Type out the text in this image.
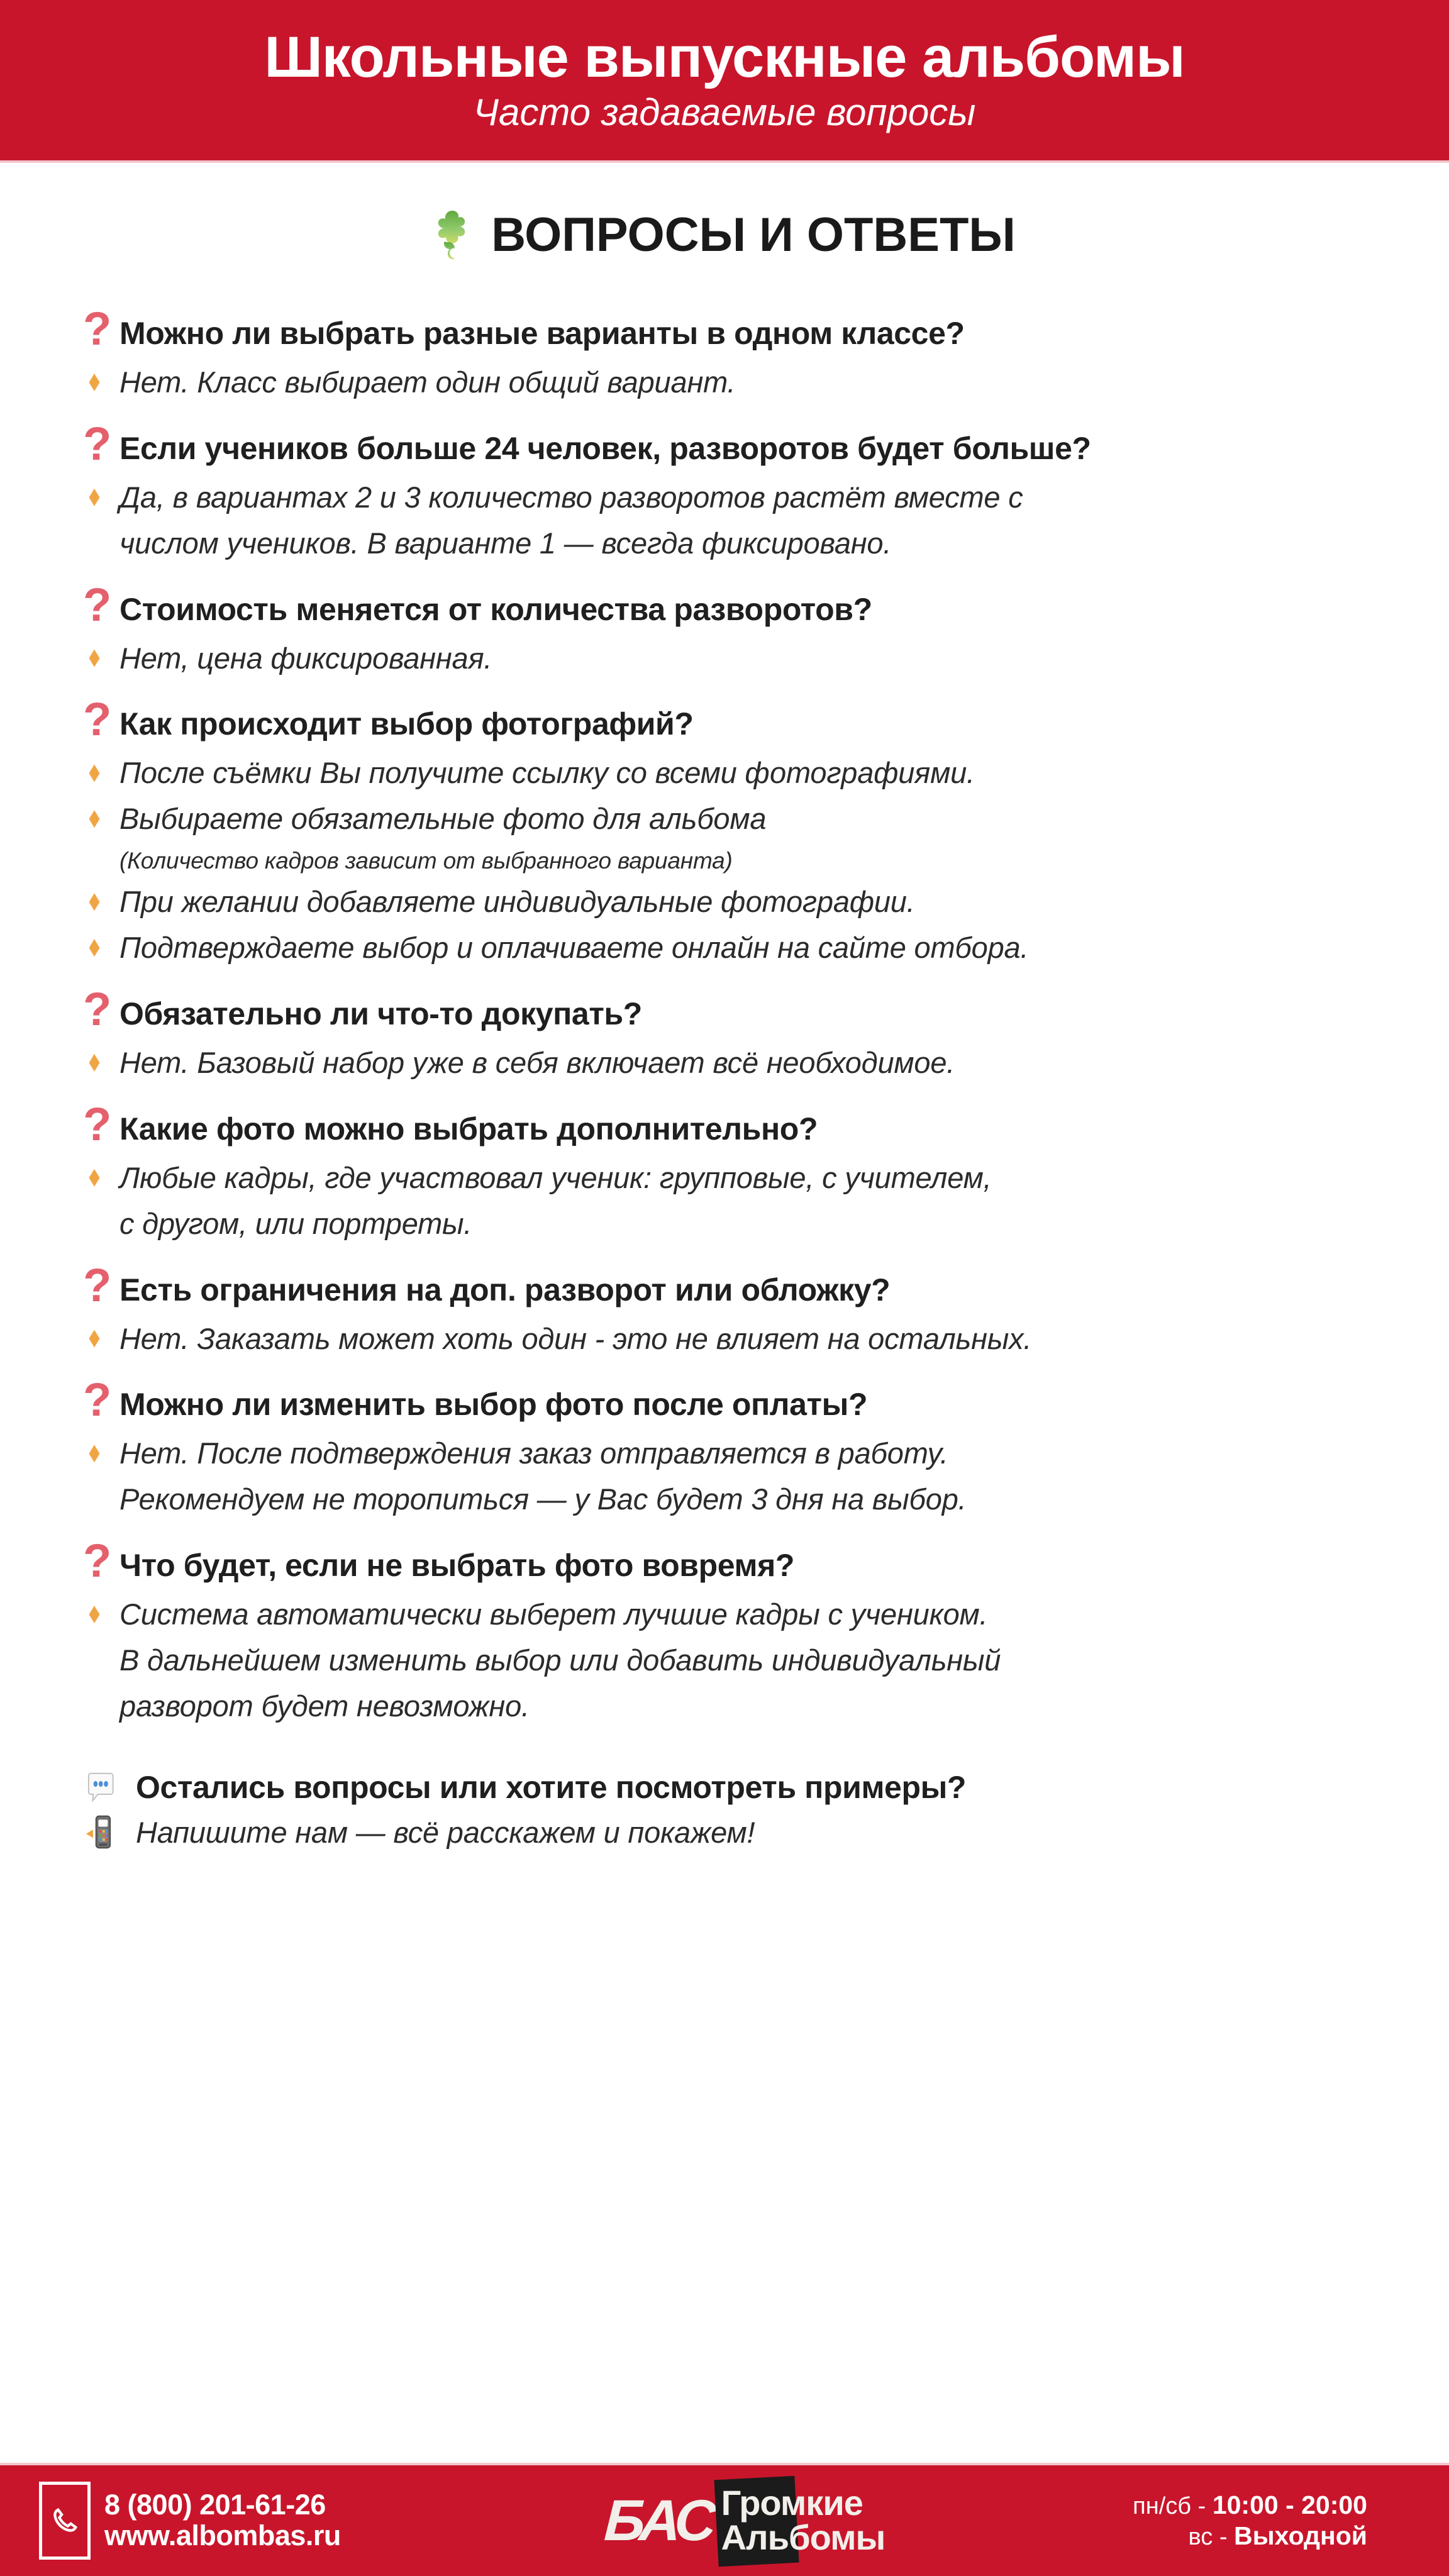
Школьные выпускные альбомы
Часто задаваемые вопросы
ВОПРОСЫ И ОТВЕТЫ
? Можно ли выбрать разные варианты в одном классе?
Нет. Класс выбирает один общий вариант.
? Если учеников больше 24 человек, разворотов будет больше?
Да, в вариантах 2 и 3 количество разворотов растёт вместе с
числом учеников. В варианте 1 — всегда фиксировано.
? Стоимость меняется от количества разворотов?
Нет, цена фиксированная.
? Как происходит выбор фотографий?
После съёмки Вы получите ссылку со всеми фотографиями.
Выбираете обязательные фото для альбома
(Количество кадров зависит от выбранного варианта)
При желании добавляете индивидуальные фотографии.
Подтверждаете выбор и оплачиваете онлайн на сайте отбора.
? Обязательно ли что-то докупать?
Нет. Базовый набор уже в себя включает всё необходимое.
? Какие фото можно выбрать дополнительно?
Любые кадры, где участвовал ученик: групповые, с учителем,
с другом, или портреты.
? Есть ограничения на доп. разворот или обложку?
Нет. Заказать может хоть один - это не влияет на остальных.
? Можно ли изменить выбор фото после оплаты?
Нет. После подтверждения заказ отправляется в работу.
Рекомендуем не торопиться — у Вас будет 3 дня на выбор.
? Что будет, если не выбрать фото вовремя?
Система автоматически выберет лучшие кадры с учеником.
В дальнейшем изменить выбор или добавить индивидуальный
разворот будет невозможно.
Остались вопросы или хотите посмотреть примеры?
Напишите нам — всё расскажем и покажем!
8 (800) 201-61-26
www.albombas.ru	БАС Громкие
Альбомы
пн/сб - 10:00 - 20:00
вс - Выходной
